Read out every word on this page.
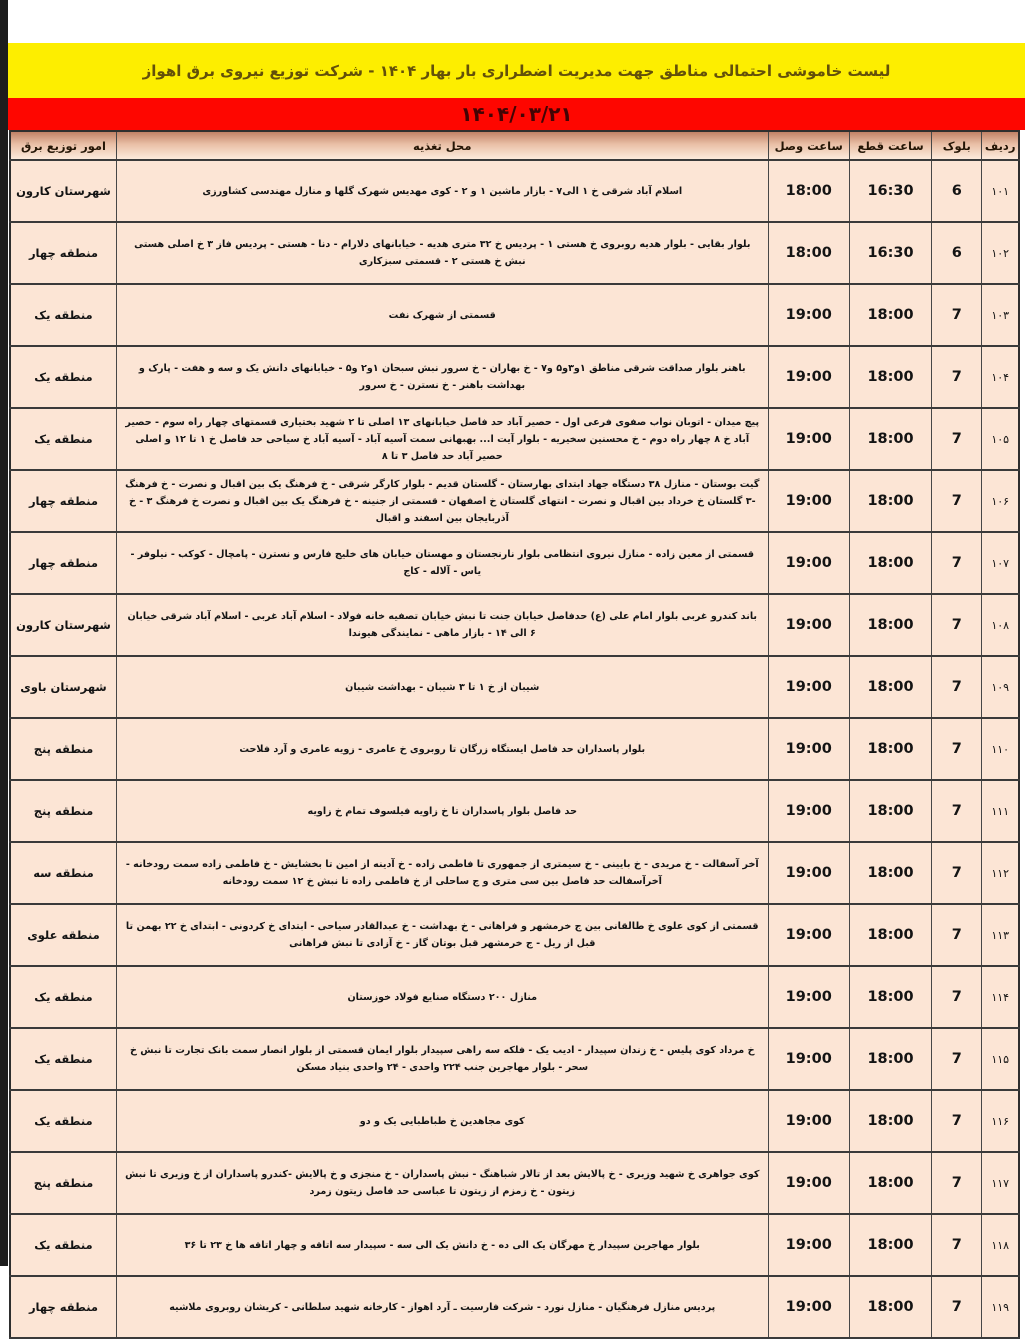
لیست خاموشی احتمالی مناطق جهت مدیریت اضطراری بار بهار ۱۴۰۴ - شرکت توزیع نیروی برق اهواز
۱۴۰۴/۰۳/۲۱
ردیف	بلوک	ساعت قطع	ساعت وصل	محل تغذیه	امور توزیع برق
۱۰۱	6	16:30	18:00	اسلام آباد شرقی خ ۱ الی۷ - بازار ماشین ۱ و ۲ - کوی مهدیس شهرک گلها و منازل مهندسی کشاورزی	شهرستان کارون
۱۰۲	6	16:30	18:00	بلوار بقایی - بلوار هدیه روبروی خ هستی ۱ - پردیس خ ۳۲ متری هدیه - خیابانهای دلارام - دنا - هستی - پردیس فاز ۳ خ اصلی هستی نبش خ هستی ۲ - قسمتی سبزکاری	منطقه چهار
۱۰۳	7	18:00	19:00	قسمتی از شهرک نفت	منطقه یک
۱۰۴	7	18:00	19:00	باهنر بلوار صداقت شرقی مناطق ۱و۳و۵ و۷ - خ بهاران - خ سرور نبش سبحان ۱و۲ و۵ - خیابانهای دانش یک و سه و هفت - پارک و بهداشت باهنر - خ نسترن - خ سرور	منطقه یک
۱۰۵	7	18:00	19:00	پیچ میدان - اتوبان نواب صفوی فرعی اول - حصیر آباد حد فاصل خیابانهای ۱۳ اصلی تا ۲ شهید بختیاری قسمتهای چهار راه سوم - حصیر آباد خ ۸ چهار راه دوم - خ محسنین سخیریه - بلوار آیت ا... بهبهانی سمت آسیه آباد - آسیه آباد خ سیاحی حد فاصل خ ۱ تا ۱۲ و اصلی حصیر آباد حد فاصل ۳ تا ۸	منطقه یک
۱۰۶	7	18:00	19:00	گیت بوستان - منازل ۳۸ دستگاه جهاد ابتدای بهارستان - گلستان قدیم - بلوار کارگر شرقی - خ فرهنگ یک بین اقبال و نصرت - خ فرهنگ -۳ گلستان خ خرداد بین اقبال و نصرت - انتهای گلستان خ اصفهان - قسمتی از جنینه - خ فرهنگ یک بین اقبال و نصرت خ فرهنگ ۳ - خ آذربایجان بین اسفند و اقبال	منطقه چهار
۱۰۷	7	18:00	19:00	قسمتی از معین زاده - منازل نیروی انتظامی بلوار نارنجستان و مهستان خیابان های خلیج فارس و نسترن - پامچال - کوکب - نیلوفر - یاس - آلاله - کاج	منطقه چهار
۱۰۸	7	18:00	19:00	باند کندرو غربی بلوار امام علی (ع) حدفاصل خیابان جنت تا نبش خیابان تصفیه خانه فولاد - اسلام آباد غربی - اسلام آباد شرقی خیابان ۶ الی ۱۴ - بازار ماهی - نمایندگی هیوندا	شهرستان کارون
۱۰۹	7	18:00	19:00	شیبان از خ ۱ تا ۳ شیبان - بهداشت شیبان	شهرستان باوی
۱۱۰	7	18:00	19:00	بلوار پاسداران حد فاصل ایستگاه زرگان تا روبروی خ عامری - زویه عامری و آرد فلاحت	منطقه پنج
۱۱۱	7	18:00	19:00	حد فاصل بلوار پاسداران تا خ زاویه فیلسوف تمام خ زاویه	منطقه پنج
۱۱۲	7	18:00	19:00	آخر آسفالت - خ مریدی - خ بایینی - خ سیمتری از جمهوری تا فاطمی زاده - خ آدینه از امین تا بخشایش - خ فاطمی زاده سمت رودخانه - آخرآسفالت حد فاصل بین سی متری و ج ساحلی از خ فاطمی زاده تا نبش خ ۱۲ سمت رودخانه	منطقه سه
۱۱۳	7	18:00	19:00	قسمتی از کوی علوی خ طالقانی بین ج خرمشهر و فراهانی - خ بهداشت - خ عبدالقادر سیاحی - ابتدای خ کردونی - ابتدای خ ۲۲ بهمن تا قبل از ریل - ج خرمشهر قبل بوتان گاز - خ آزادی تا نبش فراهانی	منطقه علوی
۱۱۴	7	18:00	19:00	منازل ۲۰۰ دستگاه صنایع فولاد خوزستان	منطقه یک
۱۱۵	7	18:00	19:00	خ مرداد کوی پلیس - خ زندان سپیدار - ادیب یک - فلکه سه راهی سپیدار بلوار ایمان قسمتی از بلوار انصار سمت بانک تجارت تا نبش خ سحر - بلوار مهاجرین جنب ۲۲۴ واحدی - ۲۴ واحدی بنیاد مسکن	منطقه یک
۱۱۶	7	18:00	19:00	کوی مجاهدین خ طباطبایی یک و دو	منطقه یک
۱۱۷	7	18:00	19:00	کوی جواهری خ شهید وزیری - خ پالایش بعد از تالار شباهنگ - نبش پاسداران - خ منجزی و خ پالایش -کندرو پاسداران از خ وزیری تا نبش زیتون - خ زمزم از زیتون تا عباسی حد فاصل زیتون زمرد	منطقه پنج
۱۱۸	7	18:00	19:00	بلوار مهاجرین سپیدار خ مهرگان یک الی ده - خ دانش یک الی سه - سپیدار سه اتاقه و چهار اتاقه ها خ ۲۳ تا ۳۶	منطقه یک
۱۱۹	7	18:00	19:00	پردیس منازل فرهنگیان - منازل نورد - شرکت فارسیت ـ آرد اهواز - کارخانه شهید سلطانی - کریشان روبروی ملاشیه	منطقه چهار
